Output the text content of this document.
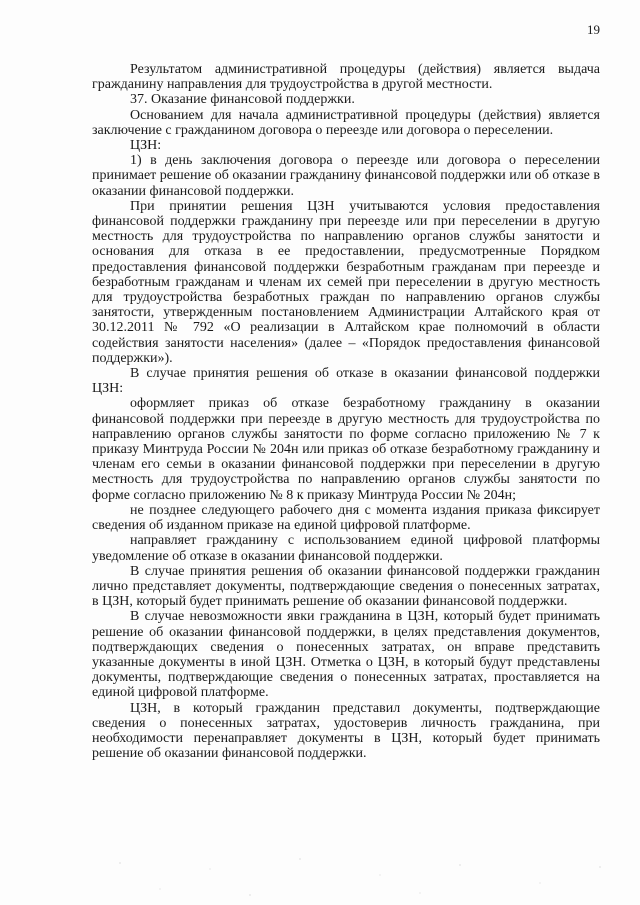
19

Результатом административной процедуры (действия) является выдача гражданину направления для трудоустройства в другой местности.

37. Оказание финансовой поддержки.

Основанием для начала административной процедуры (действия) является заключение с гражданином договора о переезде или договора о переселении.

ЦЗН:

1) в день заключения договора о переезде или договора о переселении принимает решение об оказании гражданину финансовой поддержки или об отказе в оказании финансовой поддержки.

При принятии решения ЦЗН учитываются условия предоставления финансовой поддержки гражданину при переезде или при переселении в другую местность для трудоустройства по направлению органов службы занятости и основания для отказа в ее предоставлении, предусмотренные Порядком предоставления финансовой поддержки безработным гражданам при переезде и безработным гражданам и членам их семей при переселении в другую местность для трудоустройства безработных граждан по направлению органов службы занятости, утвержденным постановлением Администрации Алтайского края от 30.12.2011 № 792 «О реализации в Алтайском крае полномочий в области содействия занятости населения» (далее – «Порядок предоставления финансовой поддержки»).

В случае принятия решения об отказе в оказании финансовой поддержки ЦЗН:

оформляет приказ об отказе безработному гражданину в оказании финансовой поддержки при переезде в другую местность для трудоустройства по направлению органов службы занятости по форме согласно приложению № 7 к приказу Минтруда России № 204н или приказ об отказе безработному гражданину и членам его семьи в оказании финансовой поддержки при переселении в другую местность для трудоустройства по направлению органов службы занятости по форме согласно приложению № 8 к приказу Минтруда России № 204н;

не позднее следующего рабочего дня с момента издания приказа фиксирует сведения об изданном приказе на единой цифровой платформе.

направляет гражданину с использованием единой цифровой платформы уведомление об отказе в оказании финансовой поддержки.

В случае принятия решения об оказании финансовой поддержки гражданин лично представляет документы, подтверждающие сведения о понесенных затратах, в ЦЗН, который будет принимать решение об оказании финансовой поддержки.

В случае невозможности явки гражданина в ЦЗН, который будет принимать решение об оказании финансовой поддержки, в целях представления документов, подтверждающих сведения о понесенных затратах, он вправе представить указанные документы в иной ЦЗН. Отметка о ЦЗН, в который будут представлены документы, подтверждающие сведения о понесенных затратах, проставляется на единой цифровой платформе.

ЦЗН, в который гражданин представил документы, подтверждающие сведения о понесенных затратах, удостоверив личность гражданина, при необходимости перенаправляет документы в ЦЗН, который будет принимать решение об оказании финансовой поддержки.
